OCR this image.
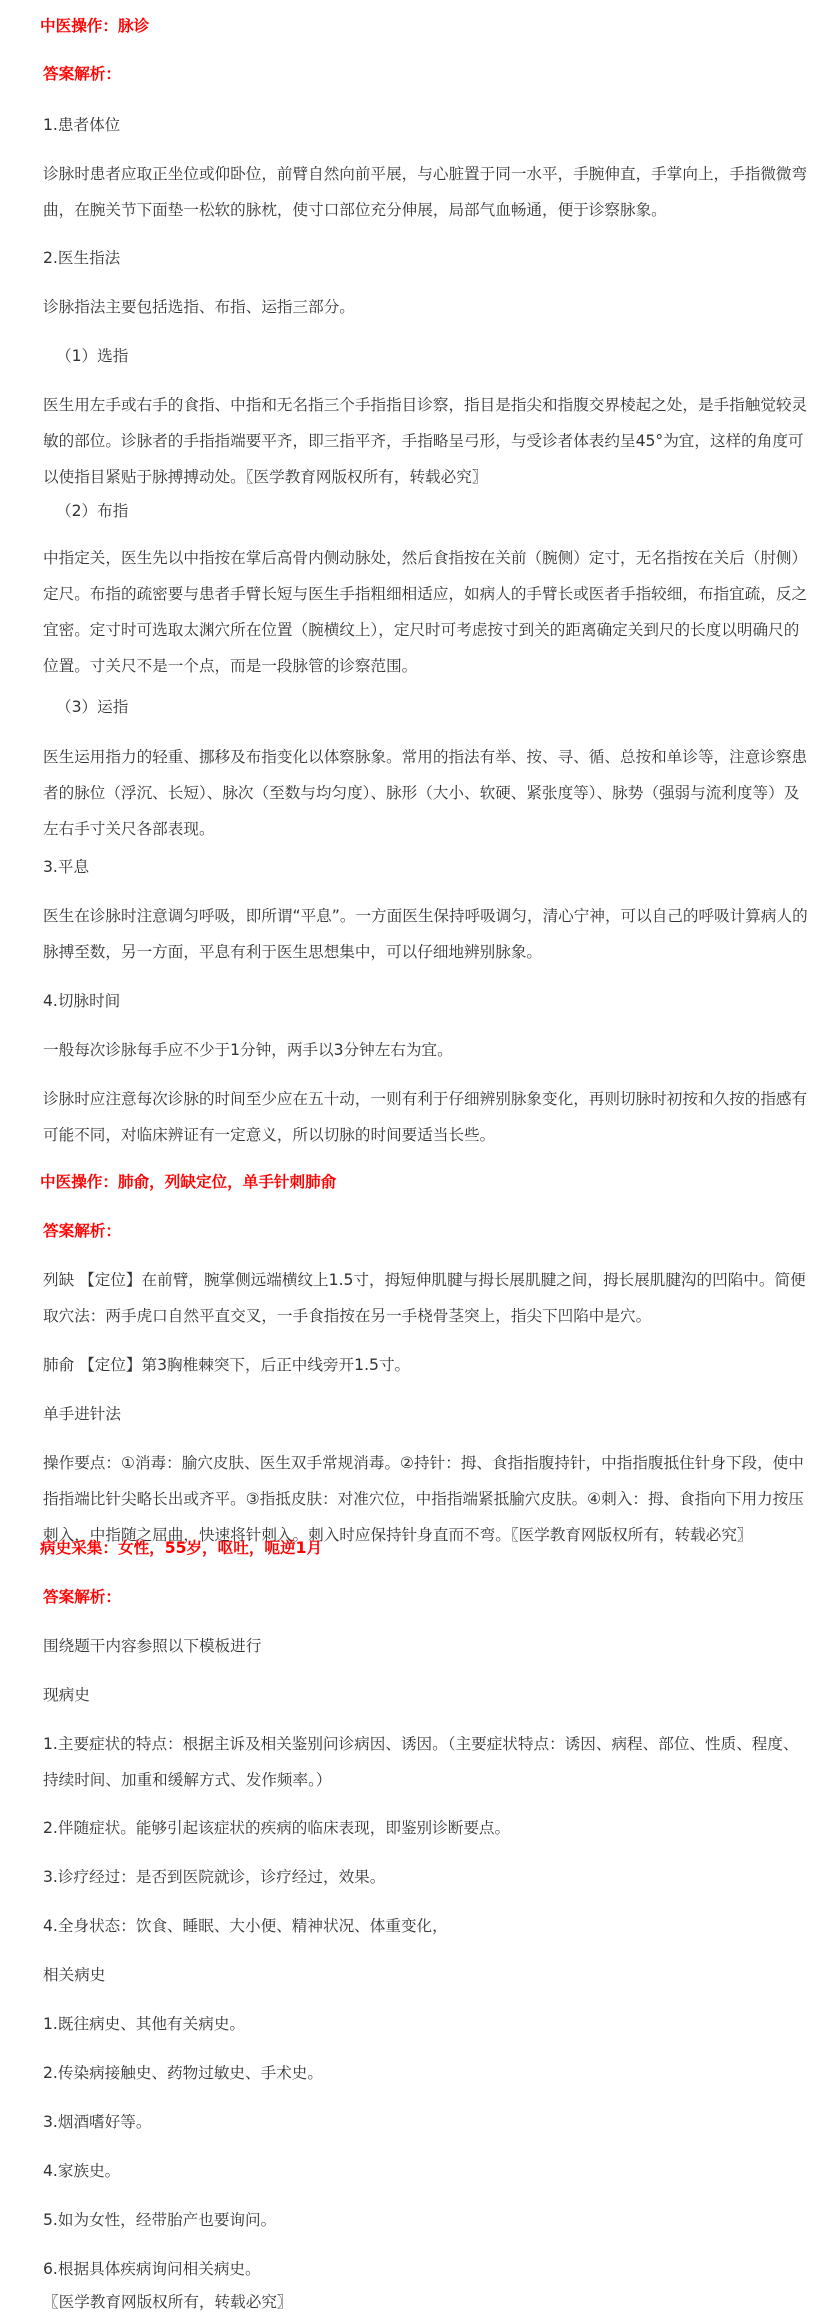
中医操作：脉诊

答案解析：

1.患者体位

诊脉时患者应取正坐位或仰卧位，前臂自然向前平展，与心脏置于同一水平，手腕伸直，手掌向上，手指微微弯曲，在腕关节下面垫一松软的脉枕，使寸口部位充分伸展，局部气血畅通，便于诊察脉象。

2.医生指法

诊脉指法主要包括选指、布指、运指三部分。

（1）选指

医生用左手或右手的食指、中指和无名指三个手指指目诊察，指目是指尖和指腹交界棱起之处，是手指触觉较灵敏的部位。诊脉者的手指指端要平齐，即三指平齐，手指略呈弓形，与受诊者体表约呈45°为宜，这样的角度可以使指目紧贴于脉搏搏动处。〖医学教育网版权所有，转载必究〗

（2）布指

中指定关，医生先以中指按在掌后高骨内侧动脉处，然后食指按在关前（腕侧）定寸，无名指按在关后（肘侧）定尺。布指的疏密要与患者手臂长短与医生手指粗细相适应，如病人的手臂长或医者手指较细，布指宜疏，反之宜密。定寸时可选取太渊穴所在位置（腕横纹上），定尺时可考虑按寸到关的距离确定关到尺的长度以明确尺的位置。寸关尺不是一个点，而是一段脉管的诊察范围。

（3）运指

医生运用指力的轻重、挪移及布指变化以体察脉象。常用的指法有举、按、寻、循、总按和单诊等，注意诊察患者的脉位（浮沉、长短）、脉次（至数与均匀度）、脉形（大小、软硬、紧张度等）、脉势（强弱与流利度等）及左右手寸关尺各部表现。

3.平息

医生在诊脉时注意调匀呼吸，即所谓“平息”。一方面医生保持呼吸调匀，清心宁神，可以自己的呼吸计算病人的脉搏至数，另一方面，平息有利于医生思想集中，可以仔细地辨别脉象。

4.切脉时间

一般每次诊脉每手应不少于1分钟，两手以3分钟左右为宜。

诊脉时应注意每次诊脉的时间至少应在五十动，一则有利于仔细辨别脉象变化，再则切脉时初按和久按的指感有可能不同，对临床辨证有一定意义，所以切脉的时间要适当长些。

中医操作：肺俞，列缺定位，单手针刺肺俞

答案解析：

列缺 【定位】在前臂，腕掌侧远端横纹上1.5寸，拇短伸肌腱与拇长展肌腱之间，拇长展肌腱沟的凹陷中。简便取穴法：两手虎口自然平直交叉，一手食指按在另一手桡骨茎突上，指尖下凹陷中是穴。

肺俞 【定位】第3胸椎棘突下，后正中线旁开1.5寸。

单手进针法

操作要点：①消毒：腧穴皮肤、医生双手常规消毒。②持针：拇、食指指腹持针，中指指腹抵住针身下段，使中指指端比针尖略长出或齐平。③指抵皮肤：对准穴位，中指指端紧抵腧穴皮肤。④刺入：拇、食指向下用力按压刺入，中指随之屈曲，快速将针刺入。刺入时应保持针身直而不弯。〖医学教育网版权所有，转载必究〗

病史采集：女性，55岁，呕吐，呃逆1月

答案解析：

围绕题干内容参照以下模板进行

现病史

1.主要症状的特点：根据主诉及相关鉴别问诊病因、诱因。（主要症状特点：诱因、病程、部位、性质、程度、持续时间、加重和缓解方式、发作频率。）

2.伴随症状。能够引起该症状的疾病的临床表现，即鉴别诊断要点。

3.诊疗经过：是否到医院就诊，诊疗经过，效果。

4.全身状态：饮食、睡眠、大小便、精神状况、体重变化，

相关病史

1.既往病史、其他有关病史。

2.传染病接触史、药物过敏史、手术史。

3.烟酒嗜好等。

4.家族史。

5.如为女性，经带胎产也要询问。

6.根据具体疾病询问相关病史。

〖医学教育网版权所有，转载必究〗
